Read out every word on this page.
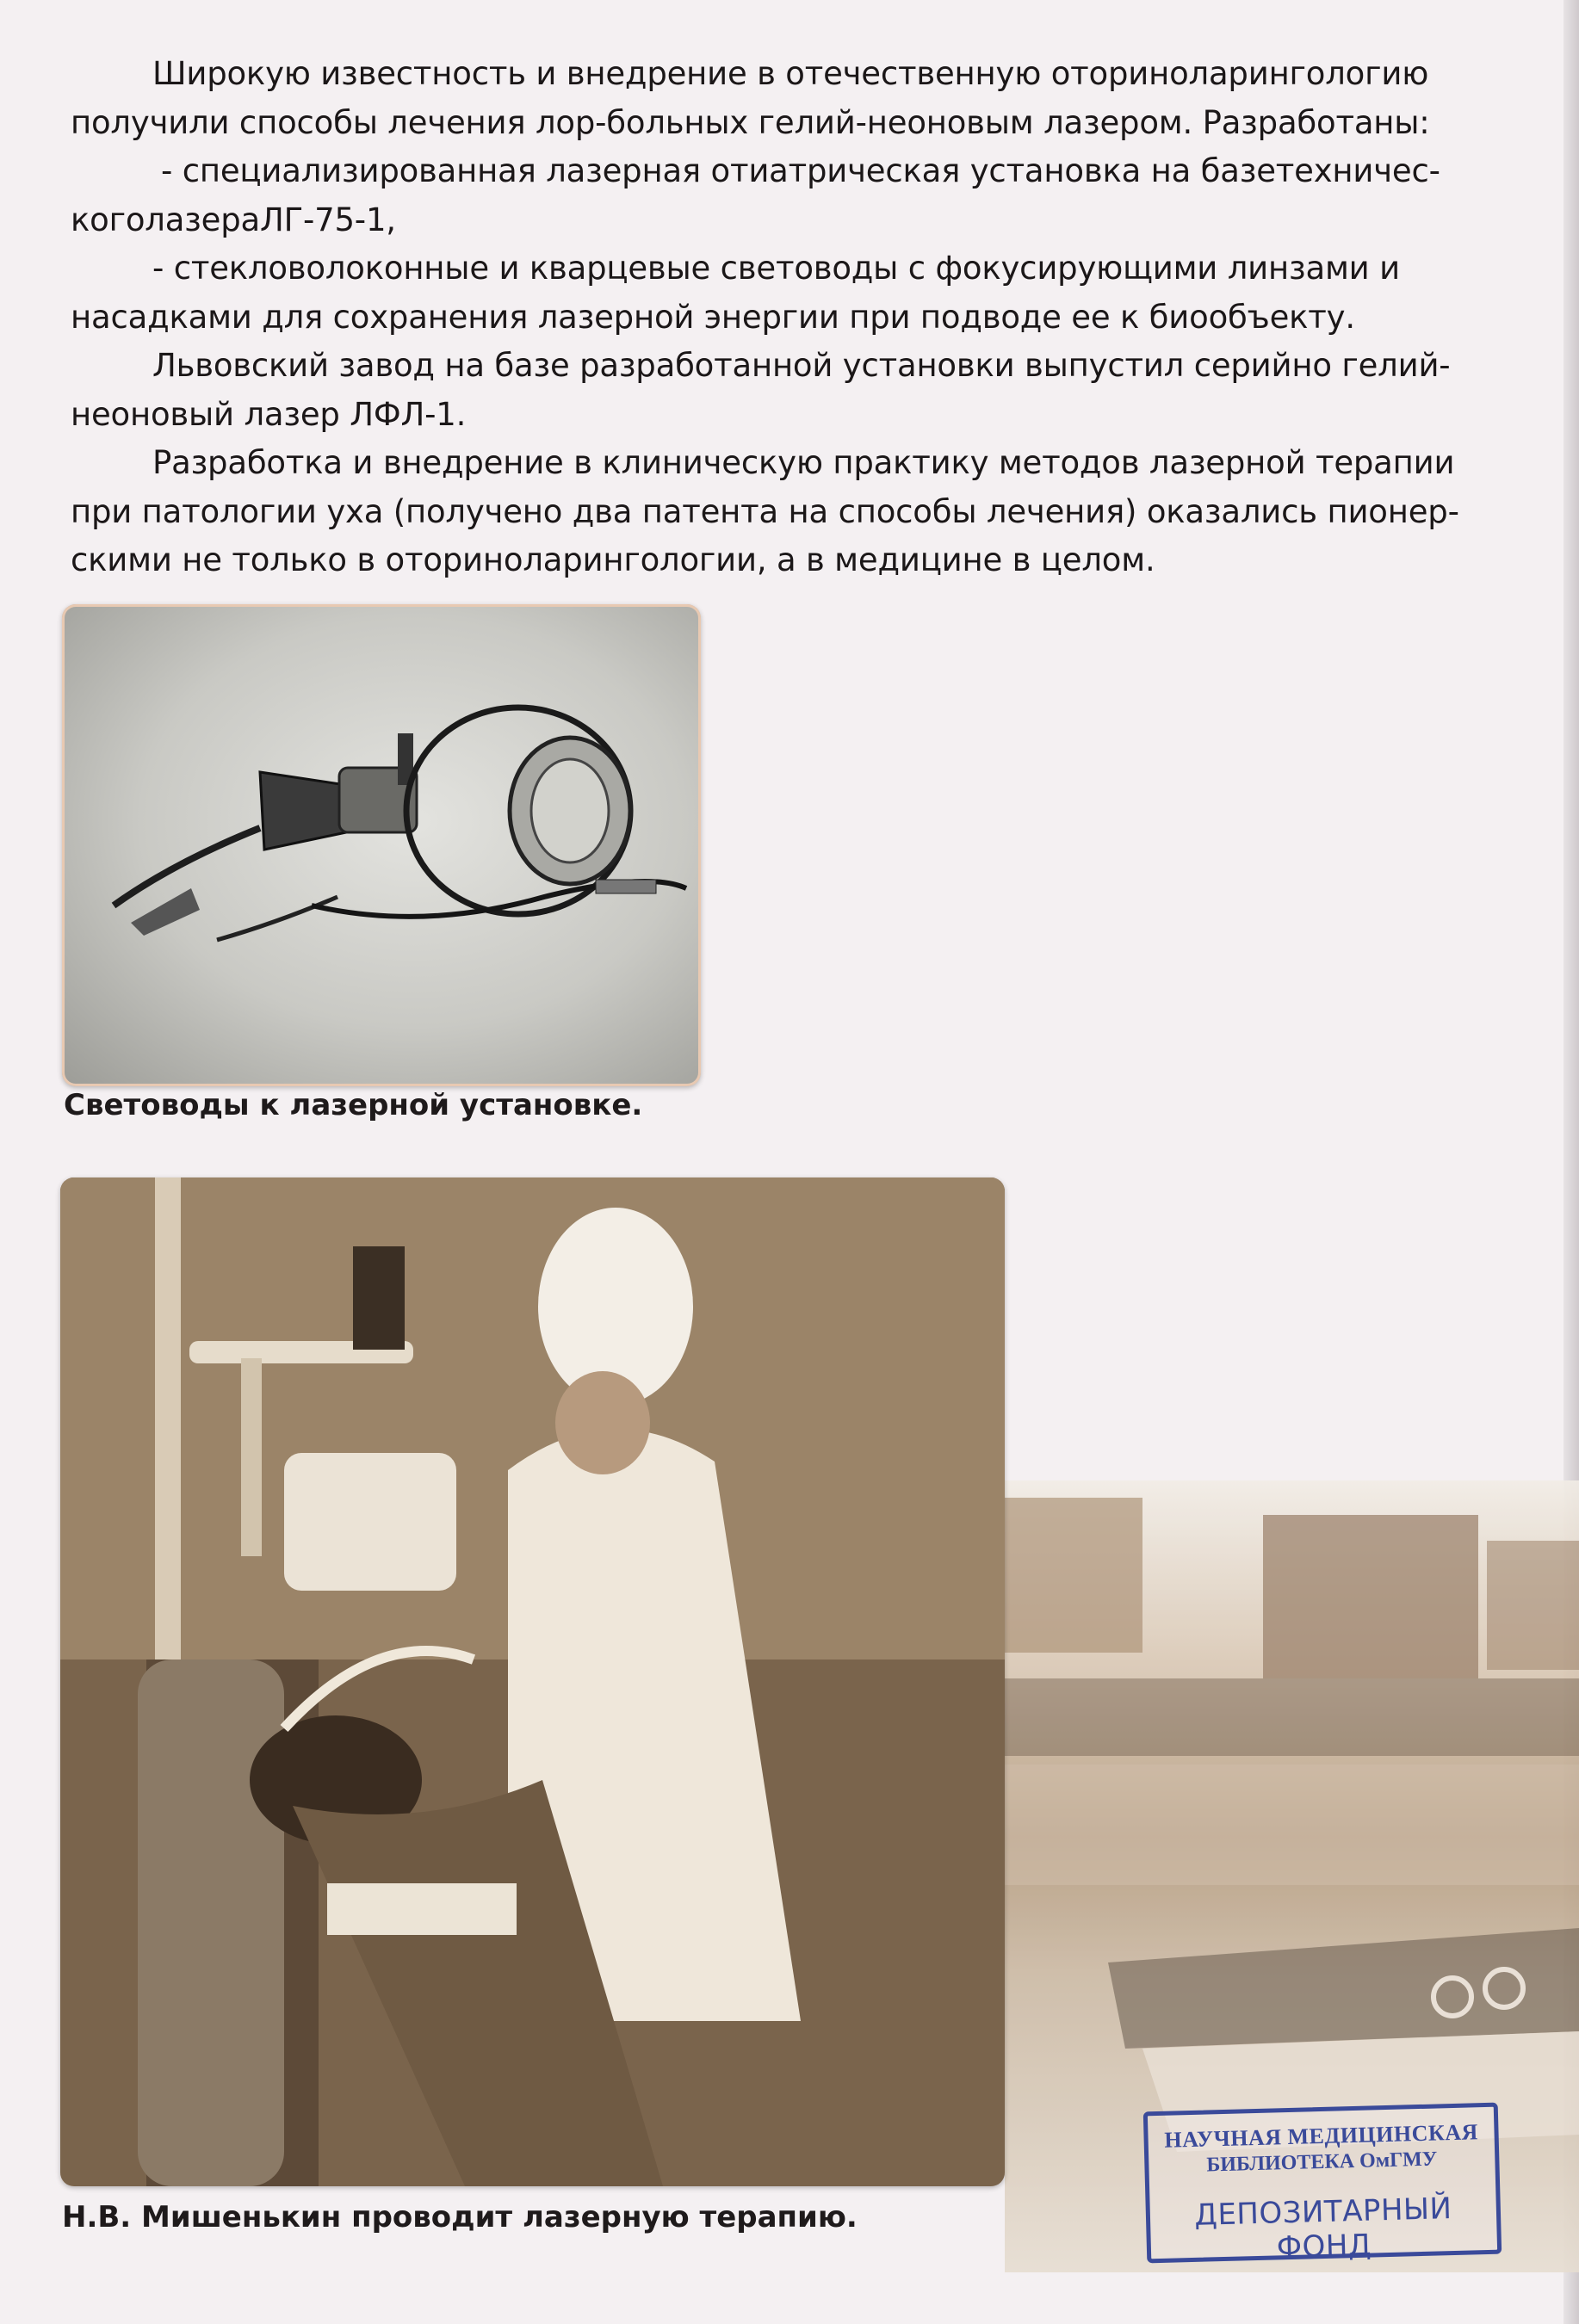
Широкую известность и внедрение в отечественную оториноларингологию
получили способы лечения лор-больных гелий-неоновым лазером. Разработаны:

- специализированная лазерная отиатрическая установка на базетехничес-
коголазераЛГ-75-1,

- стекловолоконные и кварцевые световоды с фокусирующими линзами и
насадками для сохранения лазерной энергии при подводе ее к биообъекту.

Львовский завод на базе разработанной установки выпустил серийно гелий-
неоновый лазер ЛФЛ-1.

Разработка и внедрение в клиническую практику методов лазерной терапии
при патологии уха (получено два патента на способы лечения) оказались пионер-
скими не только в оториноларингологии, а в медицине в целом.

Световоды к лазерной установке.
Н.В. Мишенькин проводит лазерную терапию.
НАУЧНАЯ МЕДИЦИНСКАЯ
БИБЛИОТЕКА ОмГМУ
ДЕПОЗИТАРНЫЙ ФОНД
